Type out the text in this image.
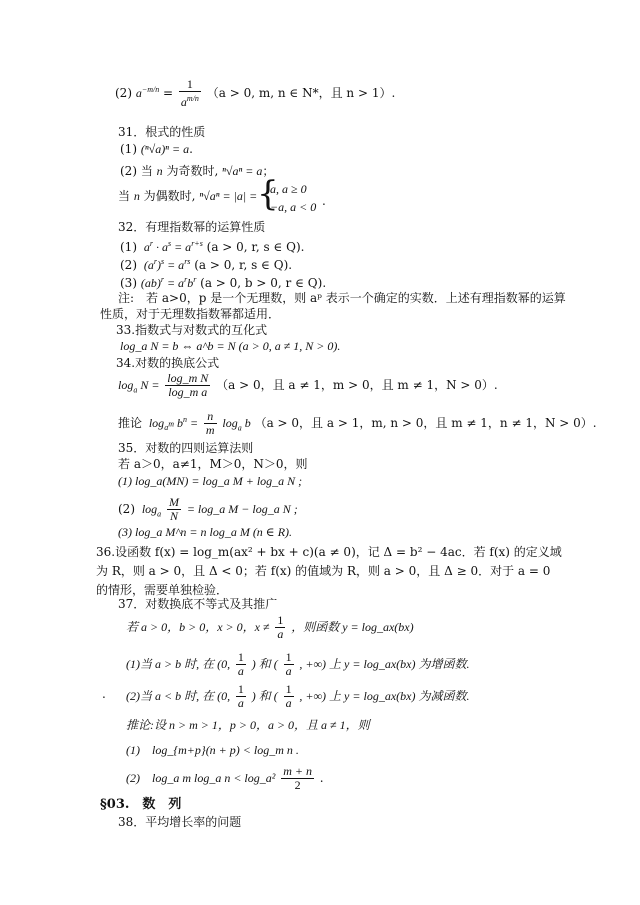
(2) $a^{-m/n} = \frac{1}{a^{m/n}} (a > 0$, m, n ∈ N*，且 n > 1）.
31．根式的性质
(1) (ⁿ√a)ⁿ = a.
(2) 当 n 为奇数时, ⁿ√aⁿ = a；
当 n 为偶数时, ⁿ√aⁿ = |a| = {
a, a ≥ 0
−a, a < 0 .
32．有理指数幂的运算性质
(1)  $a^r \cdot a^s = a^{r+s}$ (a > 0, r, s ∈ Q).
(2)  $(a^r)^s = a^{rs}$ (a > 0, r, s ∈ Q).
(3) $(ab)^r = a^rb^r$ (a > 0, b > 0, r ∈ Q).
注:　若 a>0，p 是一个无理数，则 aᵖ 表示一个确定的实数．上述有理指数幂的运算
性质，对于无理数指数幂都适用．
33.指数式与对数式的互化式
log_a N = b ⇔ a^b = N (a > 0, a ≠ 1, N > 0).
34.对数的换底公式
$\log_a N = \frac{\text{log\_m N}}{\text{log\_m a}} (a > 0$，且 a ≠ 1，m > 0，且 m ≠ 1，N > 0）.
推论  $\log_{a^m} b^n = \frac{n}{m} \log_a b$ （a > 0，且 a > 1，m, n > 0，且 m ≠ 1，n ≠ 1，N > 0）.
35．对数的四则运算法则
若 a＞0，a≠1，M＞0，N＞0，则
(1) log_a(MN) = log_a M + log_a N ;
(2)  $\log_a \frac{M}{N}$ = log_a M − log_a N ;
(3) log_a M^n = n log_a M (n ∈ R).
36.设函数 f(x) = log_m(ax² + bx + c)(a ≠ 0)，记 Δ = b² − 4ac．若 f(x) 的定义域为 R，则 a > 0，且 Δ < 0；若 f(x) 的值域为 R，则 a > 0，且 Δ ≥ 0．对于 a = 0 的情形，需要单独检验．
37．对数换底不等式及其推广
若 a > 0，b > 0，x > 0，$x \ne \frac{1}{a}$ ，则函数 y = log_ax(bx)
(1)当 a > b 时, 在 (0, $\frac{1}{a}$ ) 和 ( $\frac{1}{a}$ , +∞) 上 y = log_ax(bx) 为增函数.
. (2)当 a < b 时, 在 (0, $\frac{1}{a}$ ) 和 ( $\frac{1}{a}$ , +∞) 上 y = log_ax(bx) 为减函数.
推论:设 n > m > 1，p > 0，a > 0，且 a ≠ 1，则
(1)　log_{m+p}(n + p) < log_m n .
(2)　log_a m log_a n < log_a² $\frac{m + n}{2}$ .
§03.　数　列
38．平均增长率的问题
